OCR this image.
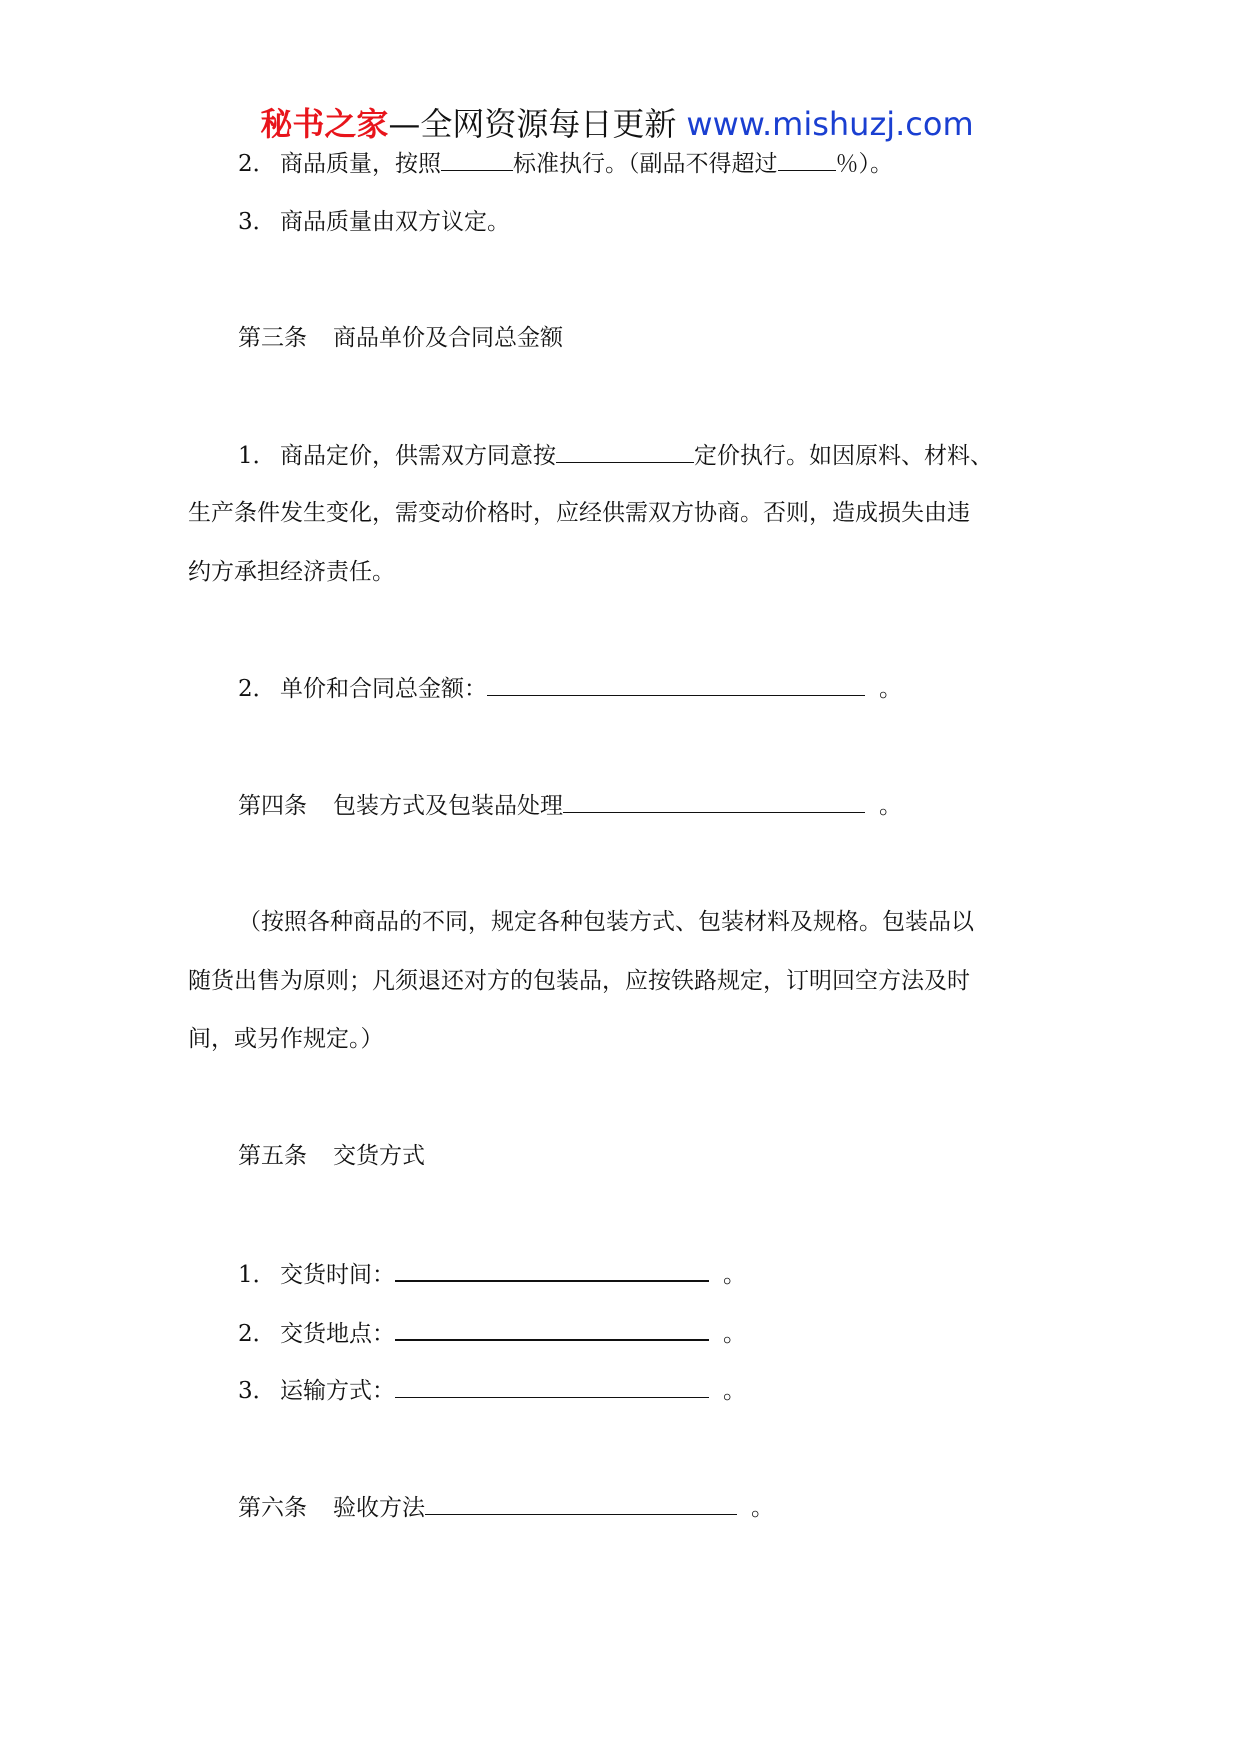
秘书之家—全网资源每日更新 www.mishuzj.com
2． 商品质量，按照	标准执行。（副品不得超过	％）。
3． 商品质量由双方议定。
第三条 商品单价及合同总金额
1． 商品定价，供需双方同意按	定价执行。如因原料、材料、
生产条件发生变化，需变动价格时，应经供需双方协商。否则，造成损失由违
约方承担经济责任。
2． 单价和合同总金额：	。
第四条 包装方式及包装品处理	。
（按照各种商品的不同，规定各种包装方式、包装材料及规格。包装品以
随货出售为原则；凡须退还对方的包装品，应按铁路规定，订明回空方法及时
间，或另作规定。）
第五条 交货方式
1． 交货时间：	。
2． 交货地点：	。
3． 运输方式：	。
第六条 验收方法	。
